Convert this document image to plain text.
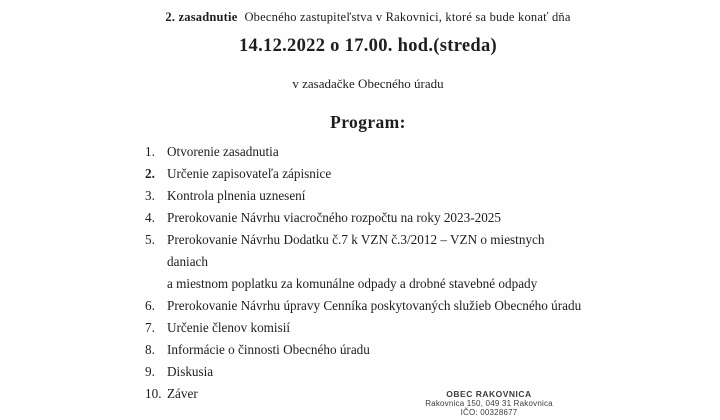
2. zasadnutie Obecného zastupiteľstva v Rakovnici, ktoré sa bude konať dňa
14.12.2022 o 17.00. hod.(streda)
v zasadačke Obecného úradu
Program:
1. Otvorenie zasadnutia
2. Určenie zapisovateľa zápisnice
3. Kontrola plnenia uznesení
4. Prerokovanie Návrhu viacročného rozpočtu na roky 2023-2025
5. Prerokovanie Návrhu Dodatku č.7 k VZN č.3/2012 – VZN o miestnych daniach
a miestnom poplatku za komunálne odpady a drobné stavebné odpady
6. Prerokovanie Návrhu úpravy Cenníka poskytovaných služieb Obecného úradu
7. Určenie členov komisií
8. Informácie o činnosti Obecného úradu
9. Diskusia
10. Záver	OBEC RAKOVNICA
Rakovnica 150, 049 31 Rakovnica
IČO: 00328677
